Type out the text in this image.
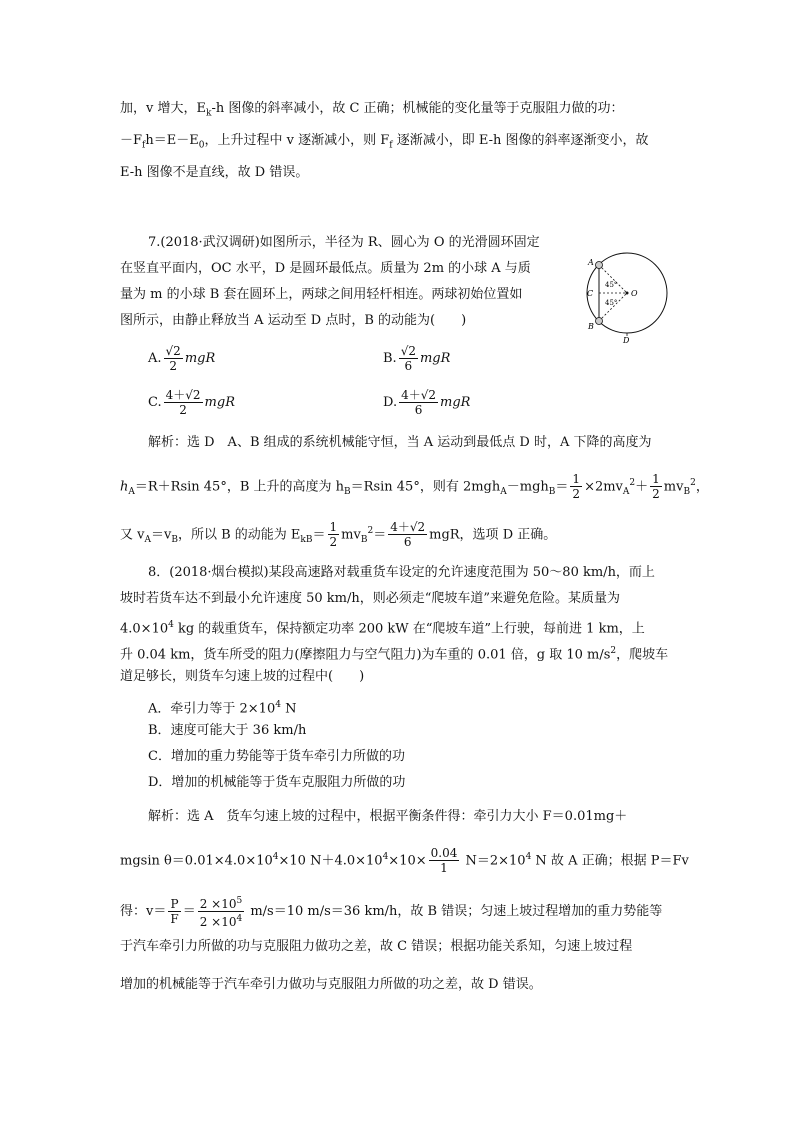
加，v 增大，$E_k-h$ 图像的斜率减小，故 C 正确；机械能的变化量等于克服阻力做的功：
$-F_fh=E-E_0$，上升过程中 v 逐渐减小，则 $F_f$ 逐渐减小，即 E-h 图像的斜率逐渐变小，故
E-h 图像不是直线，故 D 错误。
7.(2018·武汉调研)如图所示，半径为 R、圆心为 O 的光滑圆环固定
在竖直平面内，OC 水平，D 是圆环最低点。质量为 2m 的小球 A 与质
量为 m 的小球 B 套在圆环上，两球之间用轻杆相连。两球初始位置如
图所示，由静止释放当 A 运动至 D 点时，B 的动能为(　　)
A
B
C	O
D
45°
45°
A. $\frac{√2}{2}$ mgR	B. $\frac{√2}{6}$ mgR
C. $\frac{4+√2}{2}$ mgR	D. $\frac{4+√2}{6}$ mgR
解析：选 D　A、B 组成的系统机械能守恒，当 A 运动到最低点 D 时，A 下降的高度为
$h_A=R+Rsin$ 45°，B 上升的高度为 $h_B=Rsin$ 45°，则有 $2mgh_A-mgh_B= \frac{1}{2} \times 2mv_A^2+ \frac{1}{2} mv_B^2$，
又 $v_A=v_B$，所以 B 的动能为 $E_{kB}= \frac{1}{2} mv_B^2= \frac{4+√2}{6}$ mgR，选项 D 正确。
8．(2018·烟台模拟)某段高速路对载重货车设定的允许速度范围为 50～80 km/h，而上
坡时若货车达不到最小允许速度 50 km/h，则必须走“爬坡车道”来避免危险。某质量为
$4.0\times 10^4$ kg 的载重货车，保持额定功率 200 kW 在“爬坡车道”上行驶，每前进 1 km，上
升 0.04 km，货车所受的阻力(摩擦阻力与空气阻力)为车重的 0.01 倍，g 取 10 $m/s^2$，爬坡车
道足够长，则货车匀速上坡的过程中(　　)
A．牵引力等于 $2\times 10^4$ N
B．速度可能大于 36 km/h
C．增加的重力势能等于货车牵引力所做的功
D．增加的机械能等于货车克服阻力所做的功
解析：选 A　货车匀速上坡的过程中，根据平衡条件得：牵引力大小 F＝0.01mg＋
mgsin $\theta=0.01\times 4.0\times 10^4\times 10$ $N+4.0\times 10^4\times 10\times \frac{0.04}{1} N=2\times 10^4$ N 故 A 正确；根据 P＝Fv
得：$v= \frac{P}{F} = \frac{2 \times 10^5}{2 \times 10^4} m/s=10$ m/s＝36 km/h，故 B 错误；匀速上坡过程增加的重力势能等
于汽车牵引力所做的功与克服阻力做功之差，故 C 错误；根据功能关系知，匀速上坡过程
增加的机械能等于汽车牵引力做功与克服阻力所做的功之差，故 D 错误。
